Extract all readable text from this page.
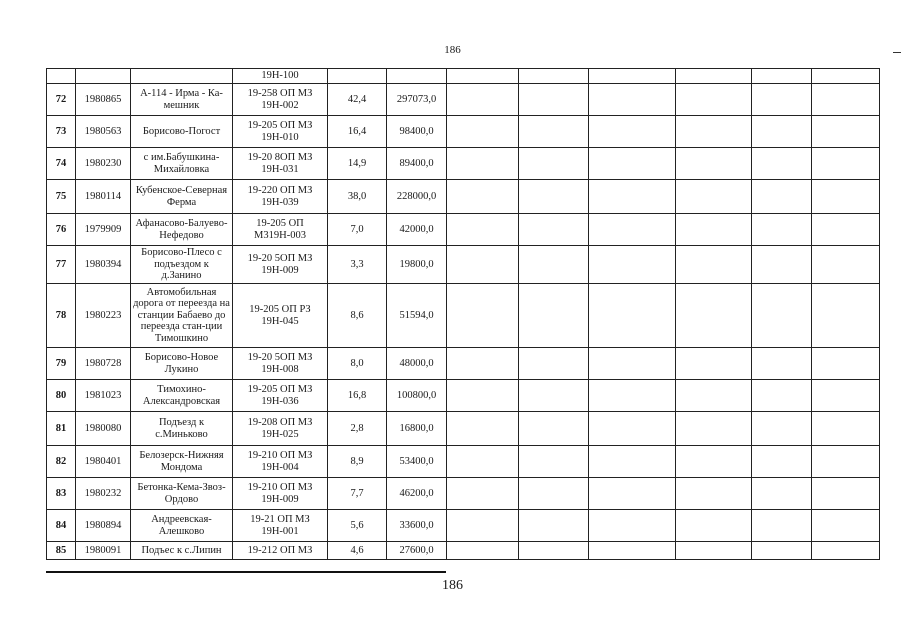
186
			19Н-100								
72	1980865	А-114 - Ирма - Ка-мешник	19-258 ОП МЗ 19Н-002	42,4	297073,0						
73	1980563	Борисово-Погост	19-205 ОП МЗ 19Н-010	16,4	98400,0						
74	1980230	с им.Бабушкина-Михайловка	19-20 8ОП МЗ 19Н-031	14,9	89400,0						
75	1980114	Кубенское-Северная Ферма	19-220 ОП МЗ 19Н-039	38,0	228000,0						
76	1979909	Афанасово-Балуево-Нефедово	19-205 ОП М319Н-003	7,0	42000,0						
77	1980394	Борисово-Плесо с подъездом к д.Занино	19-20 5ОП МЗ 19Н-009	3,3	19800,0						
78	1980223	Автомобильная дорога от переезда на станции Бабаево до переезда стан-ции Тимошкино	19-205 ОП РЗ 19Н-045	8,6	51594,0						
79	1980728	Борисово-Новое Лукино	19-20 5ОП МЗ 19Н-008	8,0	48000,0						
80	1981023	Тимохино-Александровская	19-205 ОП МЗ 19Н-036	16,8	100800,0						
81	1980080	Подъезд к с.Миньково	19-208 ОП МЗ 19Н-025	2,8	16800,0						
82	1980401	Белозерск-Нижняя Мондома	19-210 ОП МЗ 19Н-004	8,9	53400,0						
83	1980232	Бетонка-Кема-Звоз-Ордово	19-210 ОП МЗ 19Н-009	7,7	46200,0						
84	1980894	Андреевская-Алешково	19-21 ОП МЗ 19Н-001	5,6	33600,0						
85	1980091	Подъес к с.Липин	19-212 ОП МЗ	4,6	27600,0						
186
